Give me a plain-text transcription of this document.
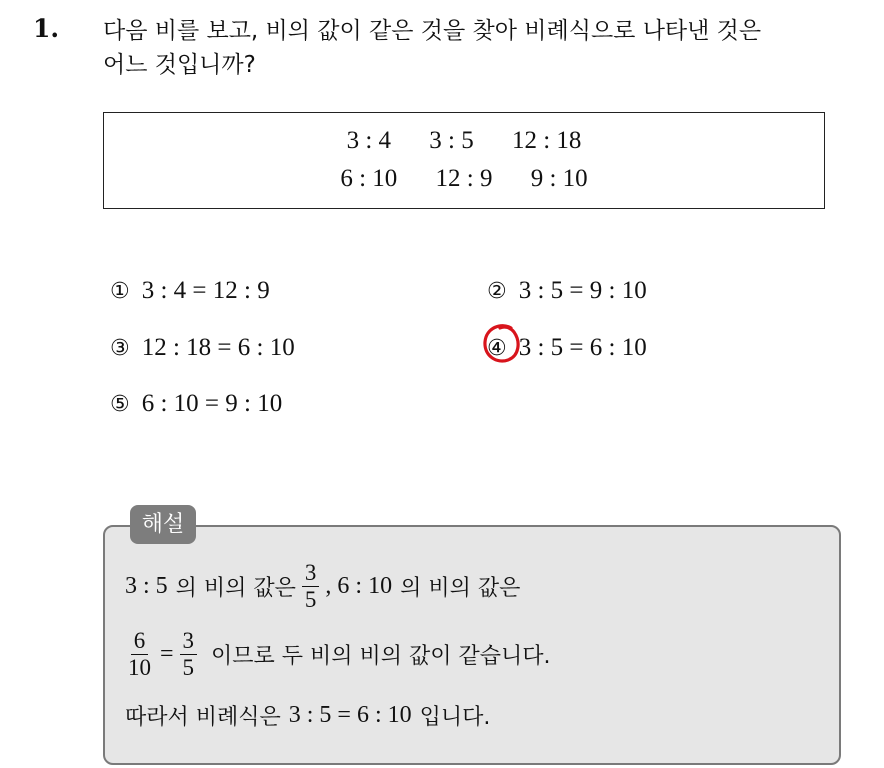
1. 다음 비를 보고, 비의 값이 같은 것을 찾아 비례식으로 나타낸 것은
어느 것입니까?
3 : 4 3 : 5 12 : 18
6 : 10 12 : 9 9 : 10
① 3 : 4 = 12 : 9	② 3 : 5 = 9 : 10
③ 12 : 18 = 6 : 10	④ 3 : 5 = 6 : 10
⑤ 6 : 10 = 9 : 10
해설
3 : 5 의 비의 값은 $\frac{3}{5}$ , 6 : 10 의 비의 값은
$\frac{6}{10} = \frac{3}{5}$ 이므로 두 비의 비의 값이 같습니다.
따라서 비례식은 3 : 5 = 6 : 10 입니다.
